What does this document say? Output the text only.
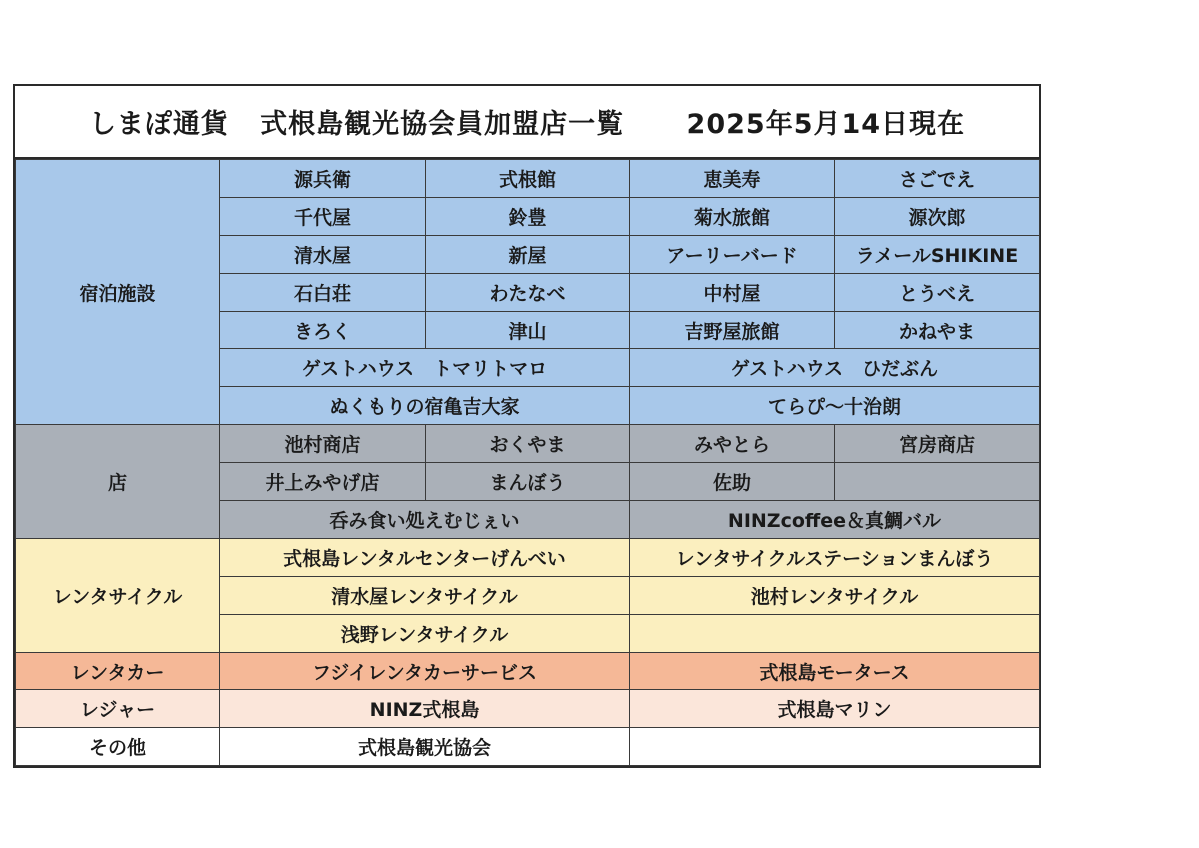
しまぽ通貨
式根島観光協会員加盟店一覧
2025年5月14日現在
宿泊施設	源兵衛	式根館	恵美寿	さごでえ
	千代屋	鈴豊	菊水旅館	源次郎
	清水屋	新屋	アーリーバード	ラメールSHIKINE
	石白荘	わたなべ	中村屋	とうべえ
	きろく	津山	吉野屋旅館	かねやま
	ゲストハウス　トマリトマロ		ゲストハウス　ひだぶん	
	ぬくもりの宿亀吉大家		てらぴ～十治朗	
店	池村商店	おくやま	みやとら	宮房商店
	井上みやげ店	まんぼう	佐助	
	呑み食い処えむじぇい		NINZcoffee＆真鯛バル	
レンタサイクル	式根島レンタルセンターげんべい		レンタサイクルステーションまんぼう	
	清水屋レンタサイクル		池村レンタサイクル	
	浅野レンタサイクル			
レンタカー	フジイレンタカーサービス		式根島モータース	
レジャー	NINZ式根島		式根島マリン	
その他	式根島観光協会			
